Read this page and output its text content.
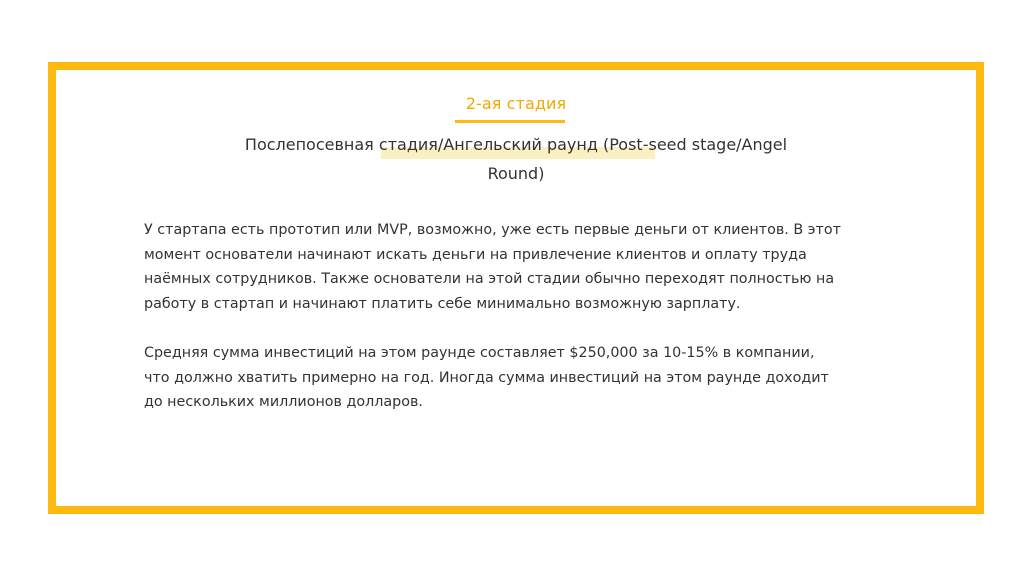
2-ая стадия
Послепосевная стадия/Ангельский раунд (Post-seed stage/Angel Round)

У стартапа есть прототип или MVP, возможно, уже есть первые деньги от клиентов. В этот момент основатели начинают искать деньги на привлечение клиентов и оплату труда наёмных сотрудников. Также основатели на этой стадии обычно переходят полностью на работу в стартап и начинают платить себе минимально возможную зарплату.

Средняя сумма инвестиций на этом раунде составляет $250,000 за 10-15% в компании, что должно хватить примерно на год. Иногда сумма инвестиций на этом раунде доходит до нескольких миллионов долларов.
